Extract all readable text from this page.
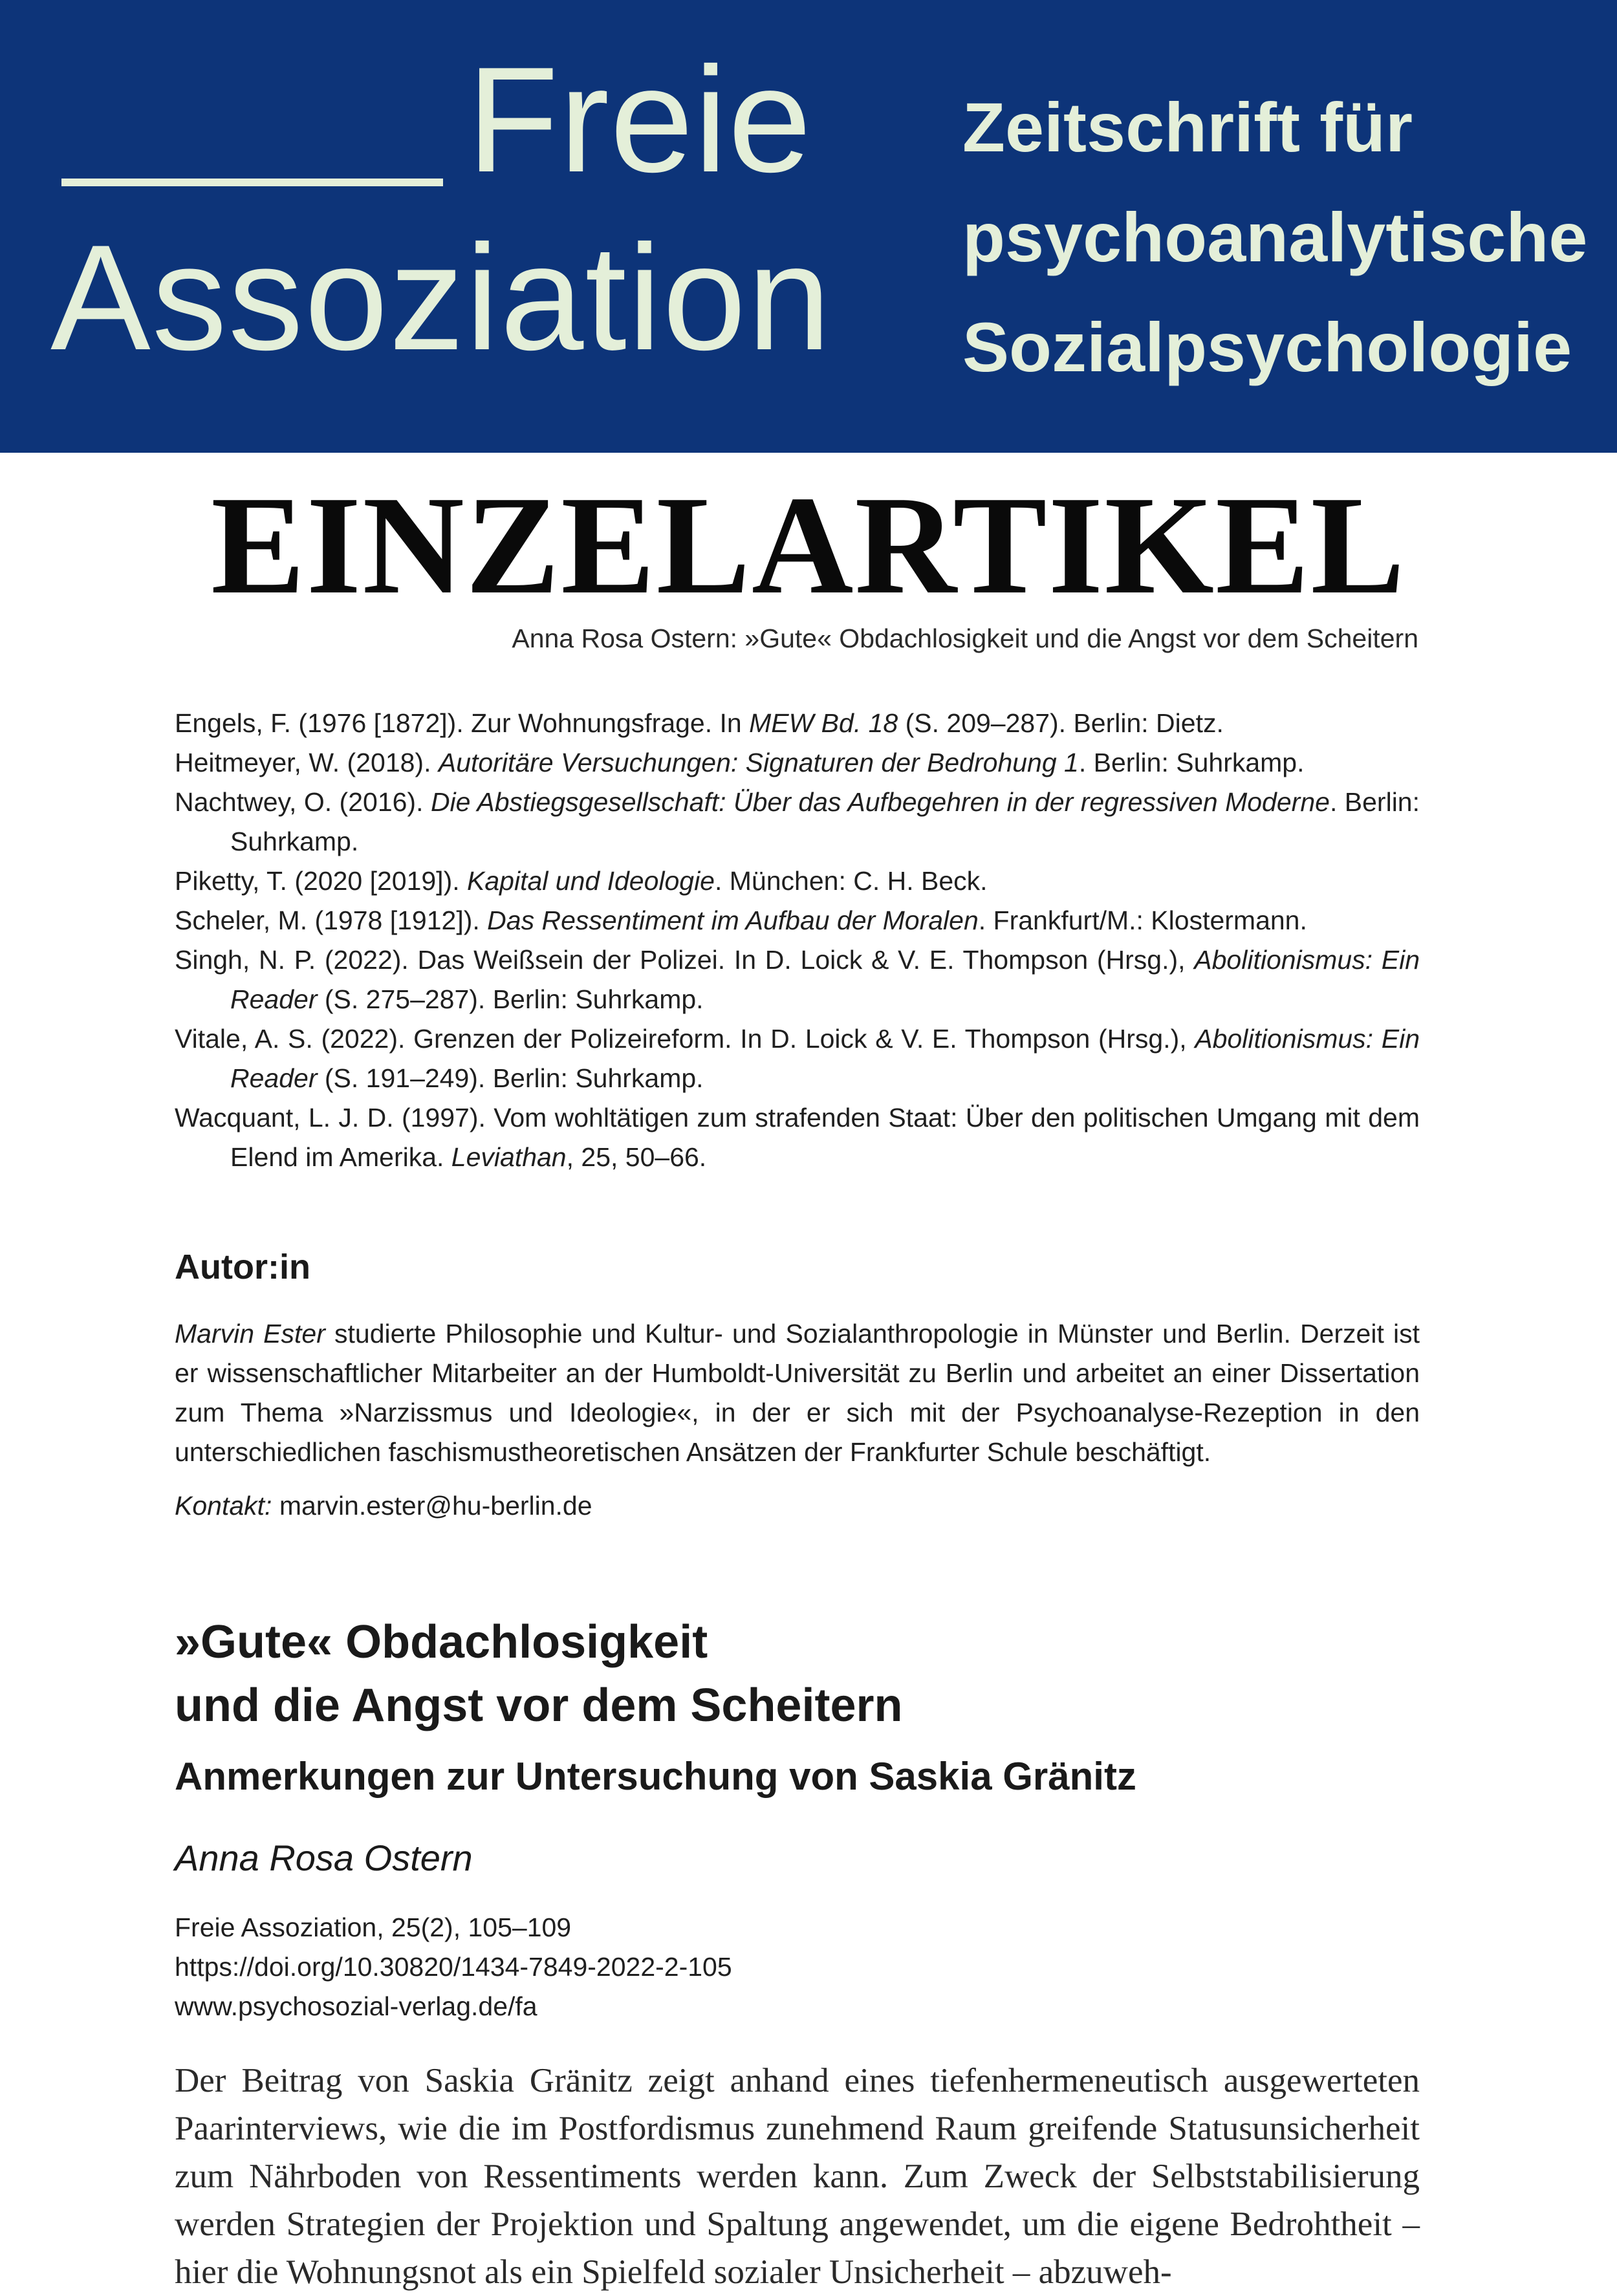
Freie
Assoziation

Zeitschrift für
psychoanalytische
Sozialpsychologie

EINZELARTIKEL

Anna Rosa Ostern: »Gute« Obdachlosigkeit und die Angst vor dem Scheitern

Engels, F. (1976 [1872]). Zur Wohnungsfrage. In MEW Bd. 18 (S. 209–287). Berlin: Dietz.

Heitmeyer, W. (2018). Autoritäre Versuchungen: Signaturen der Bedrohung 1. Berlin: Suhrkamp.

Nachtwey, O. (2016). Die Abstiegsgesellschaft: Über das Aufbegehren in der regressiven Moderne. Berlin: Suhrkamp.

Piketty, T. (2020 [2019]). Kapital und Ideologie. München: C. H. Beck.

Scheler, M. (1978 [1912]). Das Ressentiment im Aufbau der Moralen. Frankfurt/M.: Klostermann.

Singh, N. P. (2022). Das Weißsein der Polizei. In D. Loick & V. E. Thompson (Hrsg.), Abolitionismus: Ein Reader (S. 275–287). Berlin: Suhrkamp.

Vitale, A. S. (2022). Grenzen der Polizeireform. In D. Loick & V. E. Thompson (Hrsg.), Abolitionismus: Ein Reader (S. 191–249). Berlin: Suhrkamp.

Wacquant, L. J. D. (1997). Vom wohltätigen zum strafenden Staat: Über den politischen Umgang mit dem Elend im Amerika. Leviathan, 25, 50–66.

Autor:in

Marvin Ester studierte Philosophie und Kultur- und Sozialanthropologie in Münster und Berlin. Derzeit ist er wissenschaftlicher Mitarbeiter an der Humboldt-Universität zu Berlin und arbeitet an einer Dissertation zum Thema »Narzissmus und Ideologie«, in der er sich mit der Psychoanalyse-Rezeption in den unterschiedlichen faschismustheoretischen Ansätzen der Frankfurter Schule beschäftigt.

Kontakt: marvin.ester@hu-berlin.de

»Gute« Obdachlosigkeit
und die Angst vor dem Scheitern
Anmerkungen zur Untersuchung von Saskia Gränitz

Anna Rosa Ostern

Freie Assoziation, 25(2), 105–109
https://doi.org/10.30820/1434-7849-2022-2-105
www.psychosozial-verlag.de/fa

Der Beitrag von Saskia Gränitz zeigt anhand eines tiefenhermeneutisch ausgewerteten Paarinterviews, wie die im Postfordismus zunehmend Raum greifende Statusunsicherheit zum Nährboden von Ressentiments werden kann. Zum Zweck der Selbststabilisierung werden Strategien der Projektion und Spaltung angewendet, um die eigene Bedrohtheit – hier die Wohnungsnot als ein Spielfeld sozialer Unsicherheit – abzuweh-
